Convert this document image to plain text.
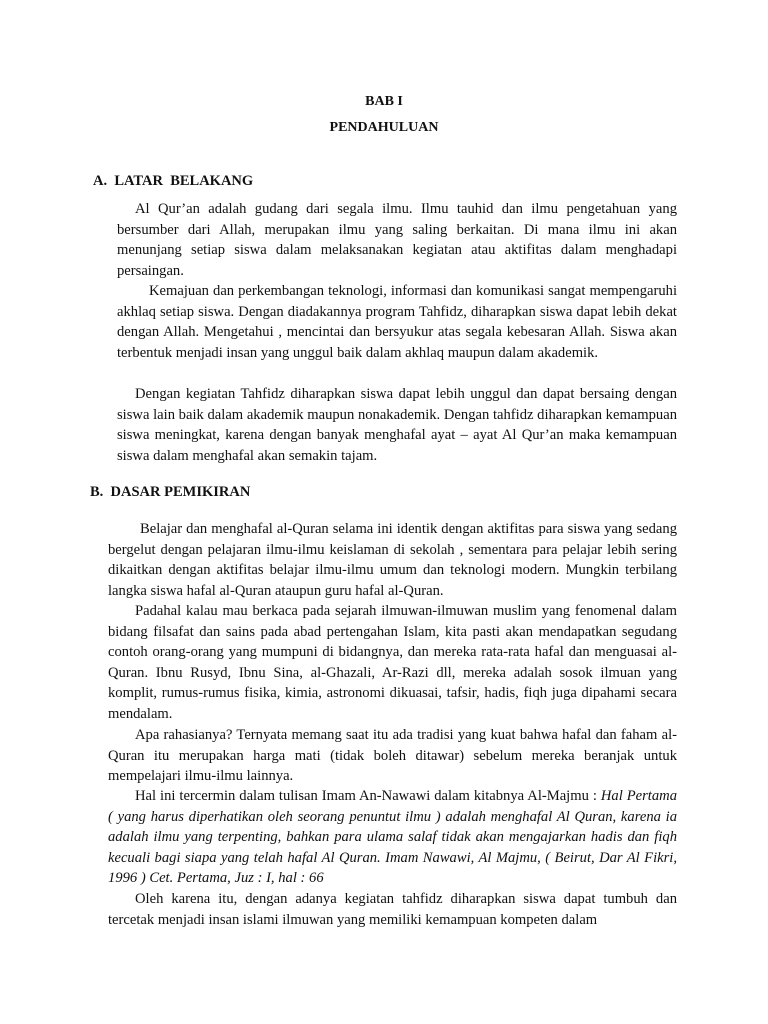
BAB I
PENDAHULUAN
A.  LATAR  BELAKANG

Al Qur’an adalah gudang dari segala ilmu. Ilmu tauhid dan ilmu pengetahuan yang bersumber dari Allah, merupakan ilmu yang saling berkaitan. Di mana ilmu ini akan menunjang setiap siswa dalam melaksanakan kegiatan atau aktifitas dalam menghadapi persaingan.

Kemajuan dan perkembangan teknologi, informasi dan komunikasi sangat mempengaruhi akhlaq setiap siswa. Dengan diadakannya program Tahfidz, diharapkan siswa dapat lebih dekat dengan Allah. Mengetahui , mencintai dan bersyukur atas segala kebesaran Allah. Siswa akan terbentuk menjadi insan yang unggul baik dalam akhlaq maupun dalam akademik.

Dengan kegiatan Tahfidz diharapkan siswa dapat lebih unggul dan dapat bersaing dengan siswa lain baik dalam akademik maupun nonakademik. Dengan tahfidz diharapkan kemampuan siswa meningkat, karena dengan banyak menghafal ayat – ayat Al Qur’an maka kemampuan siswa dalam menghafal akan semakin tajam.

B.  DASAR PEMIKIRAN

Belajar dan menghafal al-Quran selama ini identik dengan aktifitas para siswa yang sedang bergelut dengan pelajaran ilmu-ilmu keislaman di sekolah , sementara para pelajar lebih sering dikaitkan dengan aktifitas belajar ilmu-ilmu umum dan teknologi modern. Mungkin terbilang langka siswa hafal al-Quran ataupun guru hafal al-Quran.

Padahal kalau mau berkaca pada sejarah ilmuwan-ilmuwan muslim yang fenomenal dalam bidang filsafat dan sains pada abad pertengahan Islam, kita pasti akan mendapatkan segudang contoh orang-orang yang mumpuni di bidangnya, dan mereka rata-rata hafal dan menguasai al-Quran. Ibnu Rusyd, Ibnu Sina, al-Ghazali, Ar-Razi dll, mereka adalah sosok ilmuan yang komplit, rumus-rumus fisika, kimia, astronomi dikuasai, tafsir, hadis, fiqh juga dipahami secara mendalam.

Apa rahasianya? Ternyata memang saat itu ada tradisi yang kuat bahwa hafal dan faham al-Quran itu merupakan harga mati (tidak boleh ditawar) sebelum mereka beranjak untuk mempelajari ilmu-ilmu lainnya.

Hal ini tercermin dalam tulisan Imam An-Nawawi dalam kitabnya Al-Majmu : Hal Pertama ( yang harus diperhatikan oleh seorang penuntut ilmu ) adalah menghafal Al Quran, karena ia adalah ilmu yang terpenting, bahkan para ulama salaf tidak akan mengajarkan hadis dan fiqh kecuali bagi siapa yang telah hafal Al Quran. Imam Nawawi, Al Majmu, ( Beirut, Dar Al Fikri, 1996 ) Cet. Pertama, Juz : I, hal : 66

Oleh karena itu, dengan adanya kegiatan tahfidz diharapkan siswa dapat tumbuh dan tercetak menjadi insan islami ilmuwan yang memiliki kemampuan kompeten dalam
